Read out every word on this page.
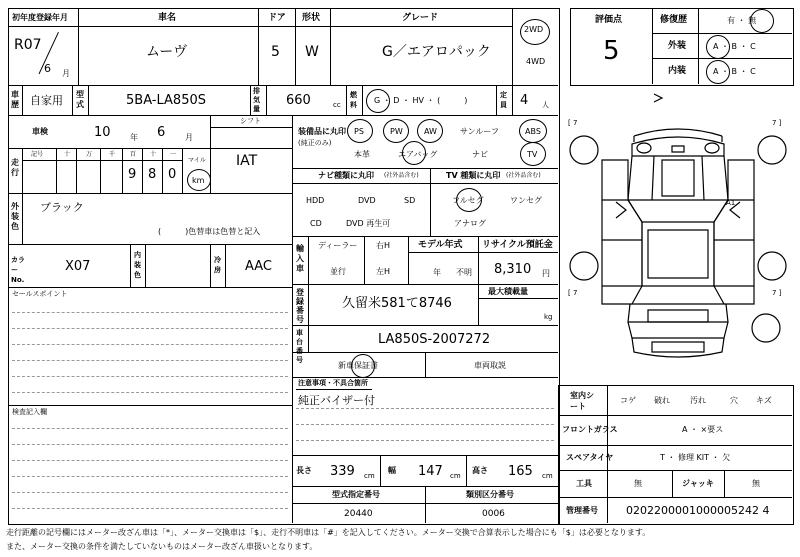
初年度登録年月
R07
6 月
車名
ムーヴ
ドア
5
形状
W
グレード
G／エアロパック
2WD
4WD
車歴 自家用 型式	5BA-LA850S
排気量
660	cc
燃料 G ・ D ・ HV ・ (　　　)
定員 4 人
車検	10 年 6 月
シフト
IAT
走行
記号	十	万	千 百 十 一
9 8 0
マイル
km
外装色
ブラック
(　　　)色替車は色替と記入
カラーNo.
X07
内装色
冷房 AAC
セールスポイント
検査記入欄
装備品に丸印
(純正のみ)
PS	PW	AW	サンルーフ	ABS
本革	エアバッグ	ナビ	TV
ナビ種類に丸印 (社外品含む)
HDD	DVD	SD
CD	DVD 再生可
TV 種類に丸印 (社外品含む)
フルセグ	ワンセグ
アナログ
輸入車
ディーラー
並行
右H
左H
モデル年式
年 不明
リサイクル預託金
8,310 円
登録番号
久留米581て8746
最大積載量
kg
車台番号
LA850S-2007272
新車保証書	車両取説
注意事項・不具合箇所
純正バイザー付
長さ 339 cm
幅 147 cm
高さ 165 cm
型式指定番号
20440
類別区分番号
0006
評価点
5
修復歴	有 ・ 無
外装	A ・ B ・ C
内装	A ・ B ・ C
[ 7	7 ]
[ 7	7 ]
A1
室内シート
コゲ 破れ	汚れ	穴 キズ
フロントガラス	A ・ ×要ス
スペアタイヤ	T ・ 修理 KIT ・ 欠
工具	無	ジャッキ	無
管理番号	0202200001000005242 4
走行距離の記号欄にはメーター改ざん車は「*」、メーター交換車は「$」、走行不明車は「#」を記入してください。メーター交換で合算表示した場合にも「$」は必要となります。
また、メーター交換の条件を満たしていないものはメーター改ざん車扱いとなります。
